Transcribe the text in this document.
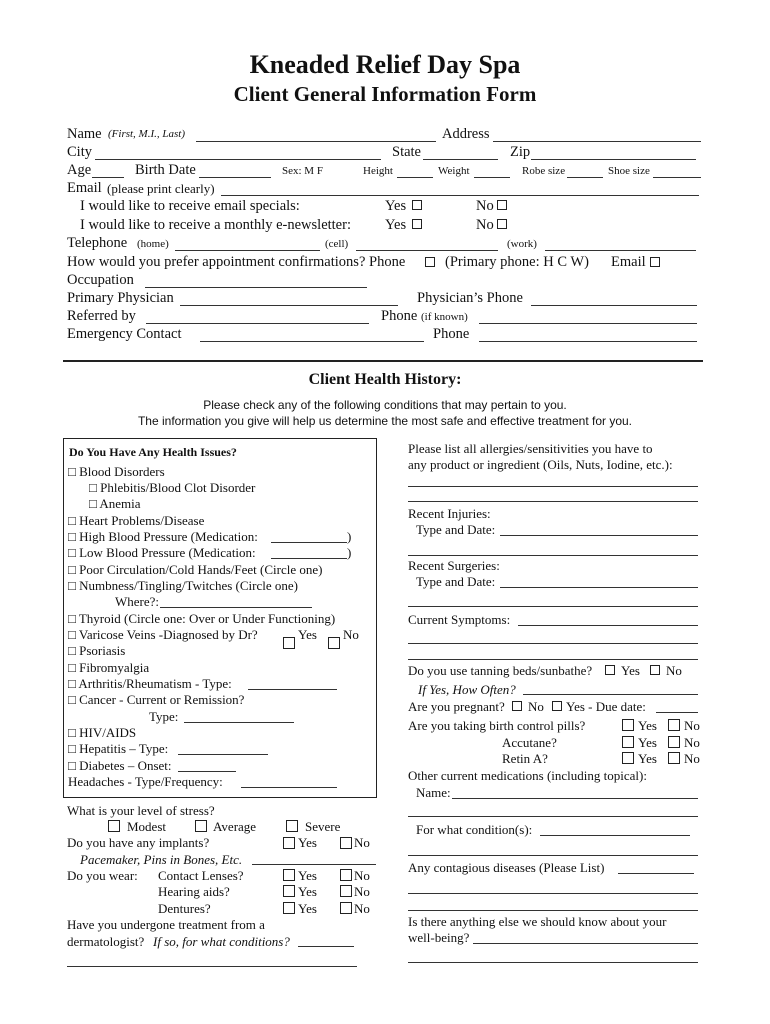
Kneaded Relief Day Spa
Client General Information Form
Name (First, M.I., Last)	Address
City	State	Zip
Age	Birth Date	Sex: M F	Height	Weight	Robe size	Shoe size
Email (please print clearly)
I would like to receive email specials:	Yes	No
I would like to receive a monthly e-newsletter: Yes	No
Telephone (home)	(cell)	(work)
How would you prefer appointment confirmations? Phone	(Primary phone: H C W) Email
Occupation
Primary Physician	Physician’s Phone
Referred by	Phone (if known)
Emergency Contact	Phone
Client Health History:
Please check any of the following conditions that may pertain to you.
The information you give will help us determine the most safe and effective treatment for you.
Do You Have Any Health Issues?
□ Blood Disorders
□ Phlebitis/Blood Clot Disorder
□ Anemia
□ Heart Problems/Disease
□ High Blood Pressure (Medication:	)
□ Low Blood Pressure (Medication:	)
□ Poor Circulation/Cold Hands/Feet (Circle one)
□ Numbness/Tingling/Twitches (Circle one)
Where?:
□ Thyroid (Circle one: Over or Under Functioning)
□ Varicose Veins -Diagnosed by Dr?	Yes No
□ Psoriasis
□ Fibromyalgia
□ Arthritis/Rheumatism - Type:
□ Cancer - Current or Remission?
Type:
□ HIV/AIDS
□ Hepatitis – Type:
□ Diabetes – Onset:
Headaches - Type/Frequency:
What is your level of stress?
Modest	Average	Severe
Do you have any implants?	Yes	No
Pacemaker, Pins in Bones, Etc.
Do you wear: Contact Lenses?	Yes	No
Hearing aids?	Yes	No
Dentures?	Yes	No
Have you undergone treatment from a
dermatologist? If so, for what conditions?
Please list all allergies/sensitivities you have to
any product or ingredient (Oils, Nuts, Iodine, etc.):
Recent Injuries:
Type and Date:
Recent Surgeries:
Type and Date:
Current Symptoms:
Do you use tanning beds/sunbathe? Yes No
If Yes, How Often?
Are you pregnant? No Yes - Due date:
Are you taking birth control pills?	Yes No
Accutane?	Yes No
Retin A?	Yes No
Other current medications (including topical):
Name:
For what condition(s):
Any contagious diseases (Please List)
Is there anything else we should know about your
well-being?
